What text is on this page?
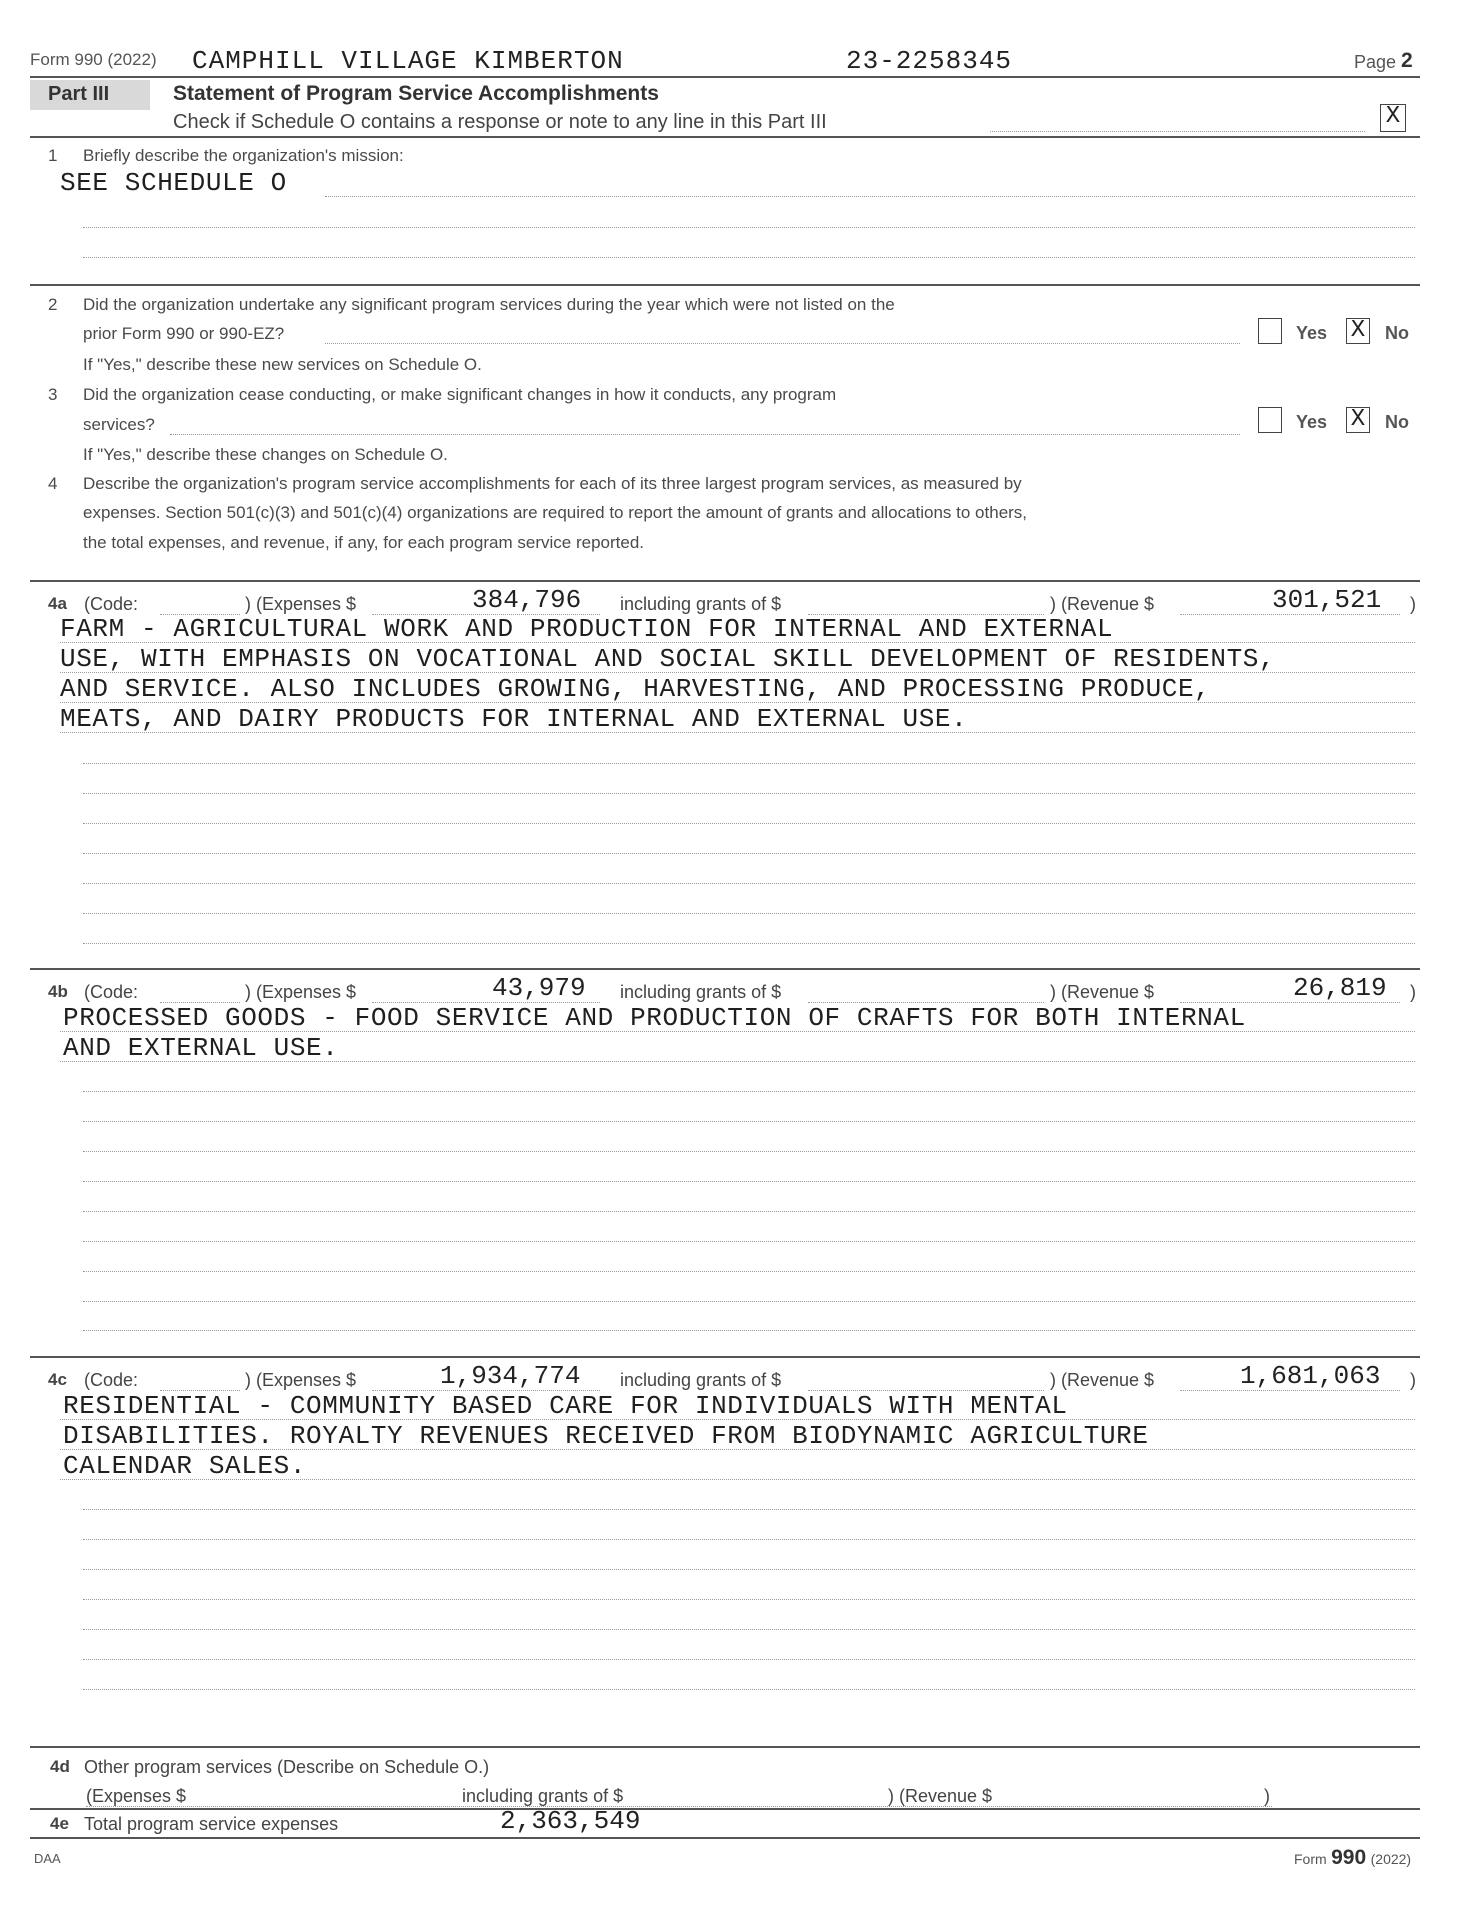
Form 990 (2022) CAMPHILL VILLAGE KIMBERTON	23-2258345	Page 2
Part III	Statement of Program Service Accomplishments
Check if Schedule O contains a response or note to any line in this Part III	X
1 Briefly describe the organization's mission:
SEE SCHEDULE O
2 Did the organization undertake any significant program services during the year which were not listed on the
prior Form 990 or 990-EZ?	Yes X No
If "Yes," describe these new services on Schedule O.
3 Did the organization cease conducting, or make significant changes in how it conducts, any program
services?	Yes X No
If "Yes," describe these changes on Schedule O.
4 Describe the organization's program service accomplishments for each of its three largest program services, as measured by
expenses. Section 501(c)(3) and 501(c)(4) organizations are required to report the amount of grants and allocations to others,
the total expenses, and revenue, if any, for each program service reported.
4a (Code:	) (Expenses $	384,796 including grants of $	) (Revenue $	301,521 )
FARM - AGRICULTURAL WORK AND PRODUCTION FOR INTERNAL AND EXTERNAL
USE, WITH EMPHASIS ON VOCATIONAL AND SOCIAL SKILL DEVELOPMENT OF RESIDENTS,
AND SERVICE. ALSO INCLUDES GROWING, HARVESTING, AND PROCESSING PRODUCE,
MEATS, AND DAIRY PRODUCTS FOR INTERNAL AND EXTERNAL USE.
4b (Code:	) (Expenses $	43,979 including grants of $	) (Revenue $	26,819 )
PROCESSED GOODS - FOOD SERVICE AND PRODUCTION OF CRAFTS FOR BOTH INTERNAL
AND EXTERNAL USE.
4c (Code:	) (Expenses $	1,934,774 including grants of $	) (Revenue $	1,681,063 )
RESIDENTIAL - COMMUNITY BASED CARE FOR INDIVIDUALS WITH MENTAL
DISABILITIES. ROYALTY REVENUES RECEIVED FROM BIODYNAMIC AGRICULTURE
CALENDAR SALES.
4d Other program services (Describe on Schedule O.)
(Expenses $	including grants of $	) (Revenue $	)
4e Total program service expenses	2,363,549
DAA	Form 990 (2022)
